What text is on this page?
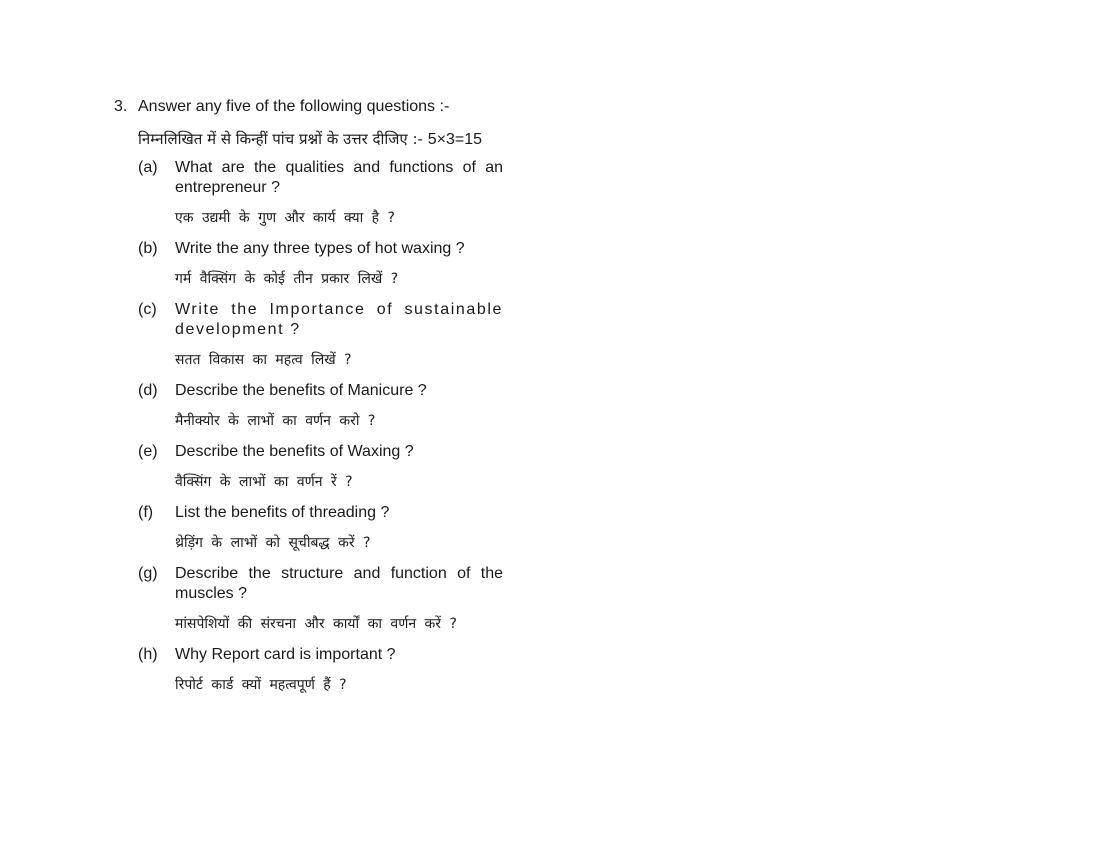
3. Answer any five of the following questions :-
निम्नलिखित में से किन्हीं पांच प्रश्नों के उत्तर दीजिए :- 5×3=15
(a) What are the qualities and functions of an entrepreneur ?
एक उद्यमी के गुण और कार्य क्या है ?
(b) Write the any three types of hot waxing ?
गर्म वैक्सिंग के कोई तीन प्रकार लिखें ?
(c) Write the Importance of sustainable development ?
सतत विकास का महत्व लिखें ?
(d) Describe the benefits of Manicure ?
मैनीक्योर के लाभों का वर्णन करो ?
(e) Describe the benefits of Waxing ?
वैक्सिंग के लाभों का वर्णन रें ?
(f) List the benefits of threading ?
थ्रेड़िंग के लाभों को सूचीबद्ध करें ?
(g) Describe the structure and function of the muscles ?
मांसपेशियों की संरचना और कार्यों का वर्णन करें ?
(h) Why Report card is important ?
रिपोर्ट कार्ड क्यों महत्वपूर्ण हैं ?
